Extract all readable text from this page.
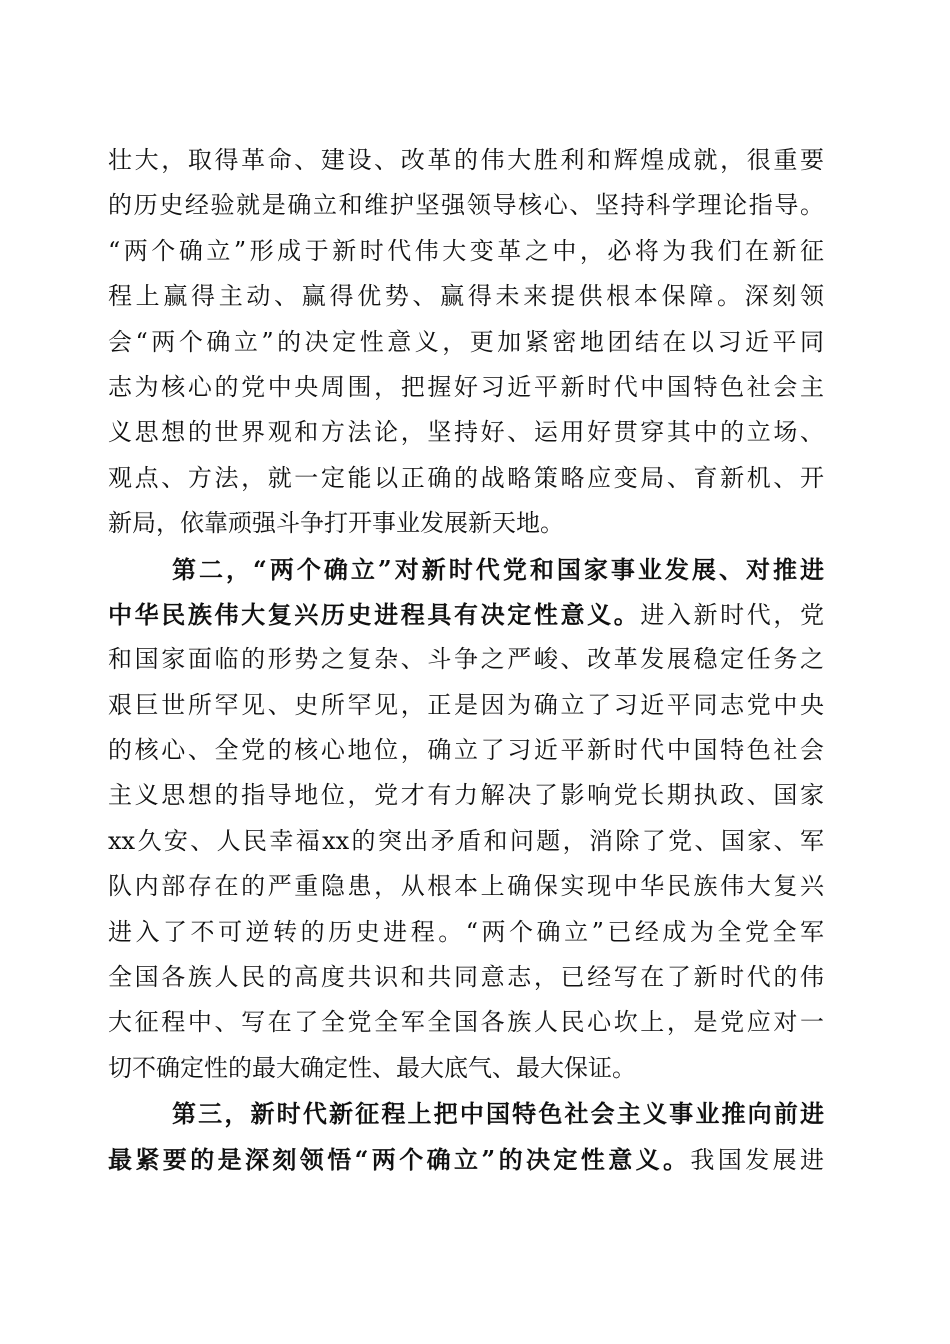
壮大，取得革命、建设、改革的伟大胜利和辉煌成就，很重要
的历史经验就是确立和维护坚强领导核心、坚持科学理论指导。
“两个确立”形成于新时代伟大变革之中，必将为我们在新征
程上赢得主动、赢得优势、赢得未来提供根本保障。深刻领
会“两个确立”的决定性意义，更加紧密地团结在以习近平同
志为核心的党中央周围，把握好习近平新时代中国特色社会主
义思想的世界观和方法论，坚持好、运用好贯穿其中的立场、
观点、方法，就一定能以正确的战略策略应变局、育新机、开
新局，依靠顽强斗争打开事业发展新天地。
第二，“两个确立”对新时代党和国家事业发展、对推进
中华民族伟大复兴历史进程具有决定性意义。进入新时代，党
和国家面临的形势之复杂、斗争之严峻、改革发展稳定任务之
艰巨世所罕见、史所罕见，正是因为确立了习近平同志党中央
的核心、全党的核心地位，确立了习近平新时代中国特色社会
主义思想的指导地位，党才有力解决了影响党长期执政、国家
xx久安、人民幸福xx的突出矛盾和问题，消除了党、国家、军
队内部存在的严重隐患，从根本上确保实现中华民族伟大复兴
进入了不可逆转的历史进程。“两个确立”已经成为全党全军
全国各族人民的高度共识和共同意志，已经写在了新时代的伟
大征程中、写在了全党全军全国各族人民心坎上，是党应对一
切不确定性的最大确定性、最大底气、最大保证。
第三，新时代新征程上把中国特色社会主义事业推向前进
最紧要的是深刻领悟“两个确立”的决定性意义。我国发展进
